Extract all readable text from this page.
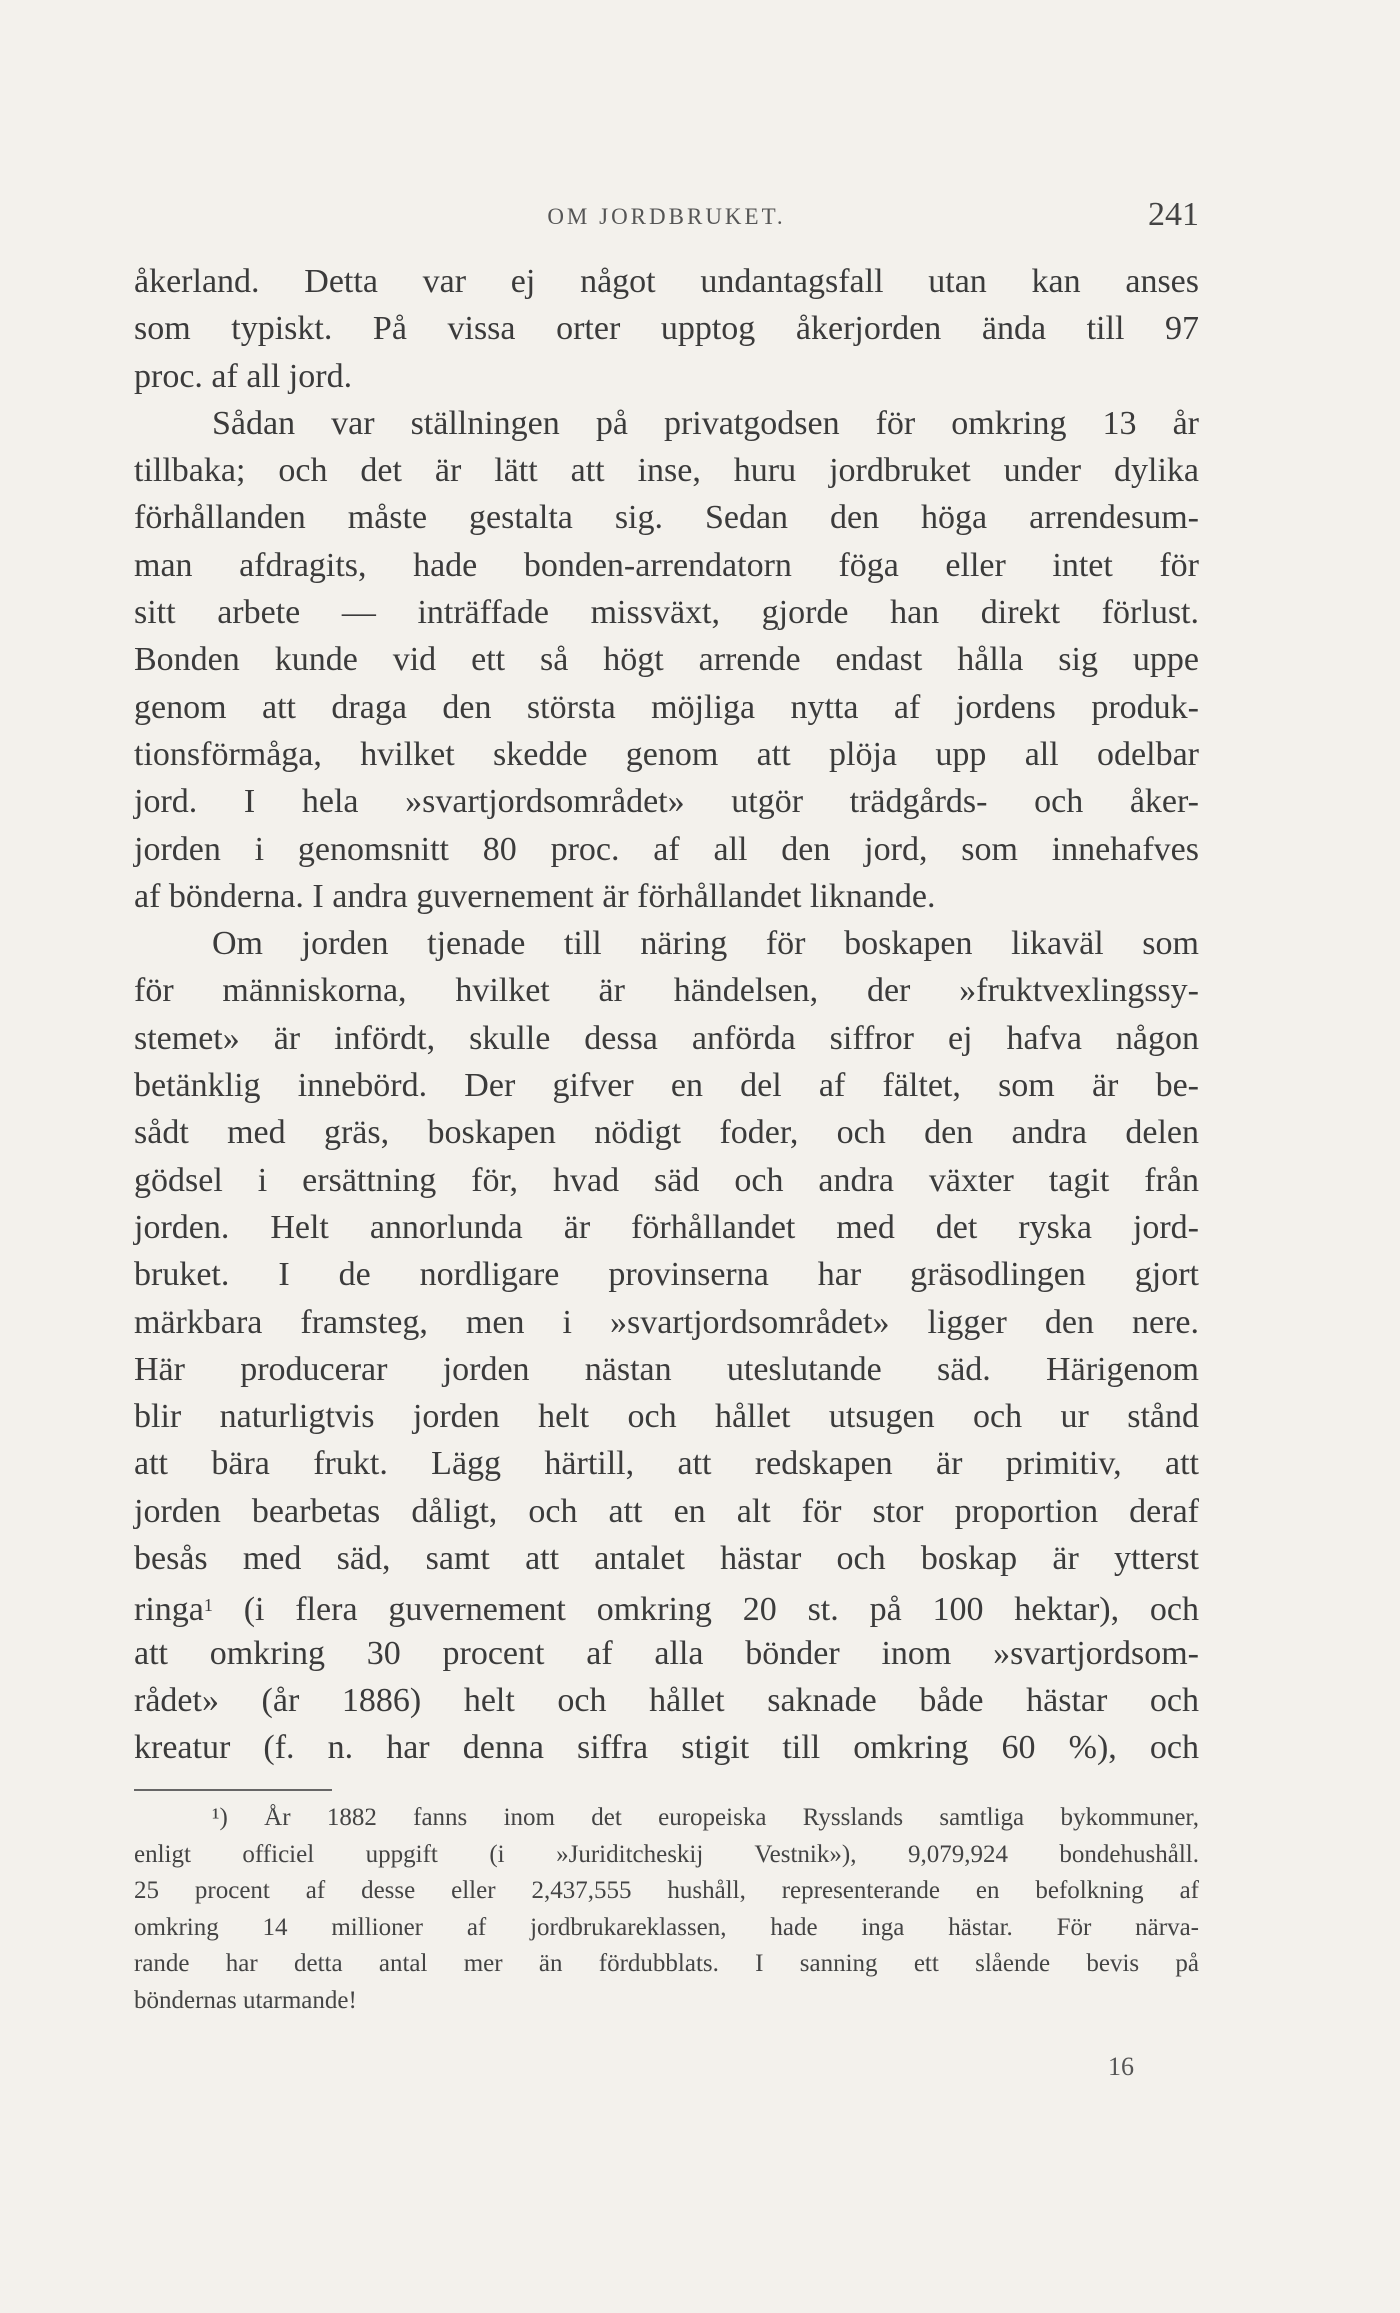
OM JORDBRUKET.	241
åkerland. Detta var ej något undantagsfall utan kan anses
som typiskt. På vissa orter upptog åkerjorden ända till 97
proc. af all jord.
Sådan var ställningen på privatgodsen för omkring 13 år
tillbaka; och det är lätt att inse, huru jordbruket under dylika
förhållanden måste gestalta sig. Sedan den höga arrendesum-
man afdragits, hade bonden-arrendatorn föga eller intet för
sitt arbete — inträffade missväxt, gjorde han direkt förlust.
Bonden kunde vid ett så högt arrende endast hålla sig uppe
genom att draga den största möjliga nytta af jordens produk-
tionsförmåga, hvilket skedde genom att plöja upp all odelbar
jord. I hela »svartjordsområdet» utgör trädgårds- och åker-
jorden i genomsnitt 80 proc. af all den jord, som innehafves
af bönderna. I andra guvernement är förhållandet liknande.
Om jorden tjenade till näring för boskapen likaväl som
för människorna, hvilket är händelsen, der »fruktvexlingssy-
stemet» är infördt, skulle dessa anförda siffror ej hafva någon
betänklig innebörd. Der gifver en del af fältet, som är be-
sådt med gräs, boskapen nödigt foder, och den andra delen
gödsel i ersättning för, hvad säd och andra växter tagit från
jorden. Helt annorlunda är förhållandet med det ryska jord-
bruket. I de nordligare provinserna har gräsodlingen gjort
märkbara framsteg, men i »svartjordsområdet» ligger den nere.
Här producerar jorden nästan uteslutande säd. Härigenom
blir naturligtvis jorden helt och hållet utsugen och ur stånd
att bära frukt. Lägg härtill, att redskapen är primitiv, att
jorden bearbetas dåligt, och att en alt för stor proportion deraf
besås med säd, samt att antalet hästar och boskap är ytterst
ringa$^1$ (i flera guvernement omkring 20 st. på 100 hektar), och
att omkring 30 procent af alla bönder inom »svartjordsom-
rådet» (år 1886) helt och hållet saknade både hästar och
kreatur (f. n. har denna siffra stigit till omkring 60 %), och
¹) År 1882 fanns inom det europeiska Rysslands samtliga bykommuner,
enligt officiel uppgift (i »Juriditcheskij Vestnik»), 9,079,924 bondehushåll.
25 procent af desse eller 2,437,555 hushåll, representerande en befolkning af
omkring 14 millioner af jordbrukareklassen, hade inga hästar. För närva-
rande har detta antal mer än fördubblats. I sanning ett slående bevis på
böndernas utarmande!
16
